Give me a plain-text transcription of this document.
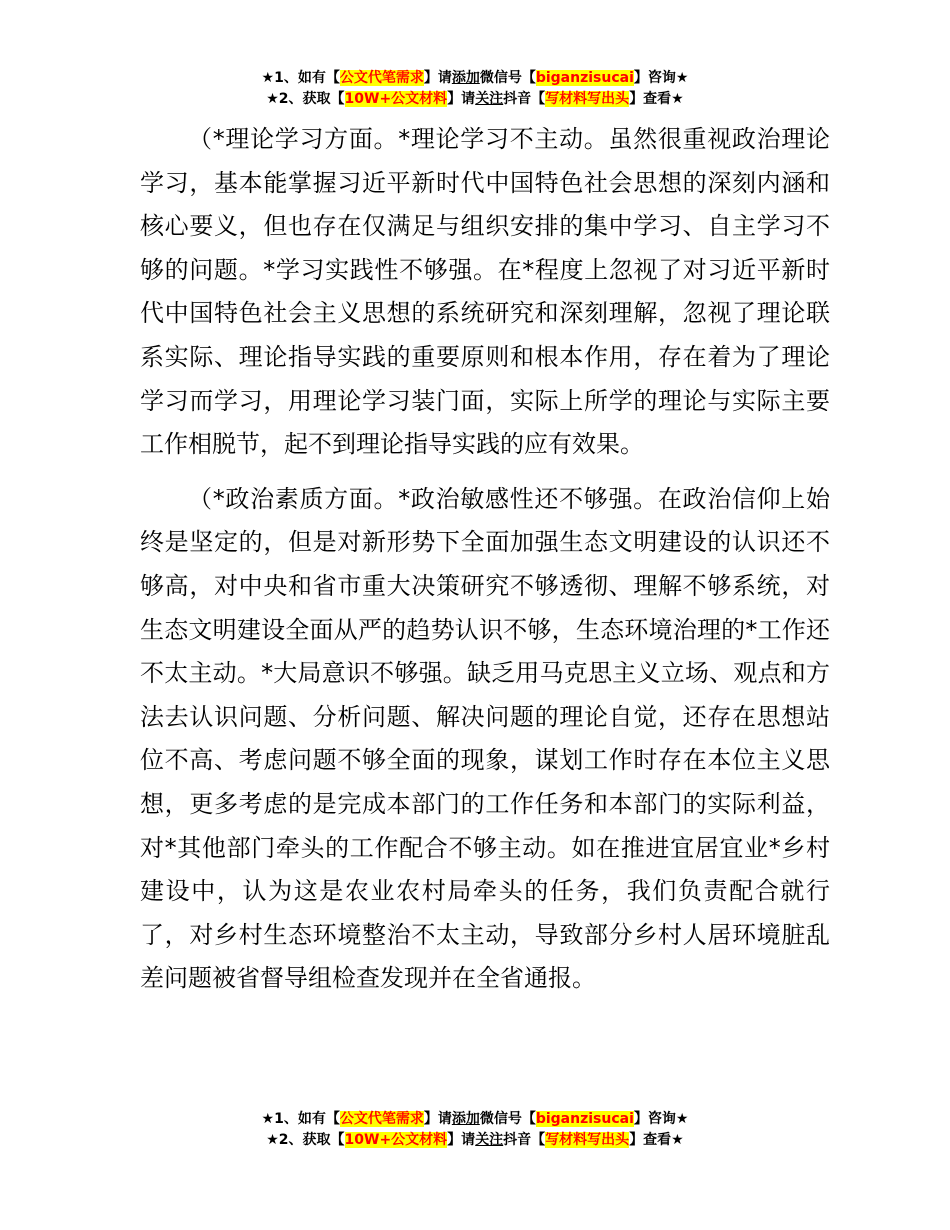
★1、如有【公文代笔需求】请添加微信号【biganzisucai】咨询★
★2、获取【10W+公文材料】请关注抖音【写材料写出头】查看★

（*理论学习方面。*理论学习不主动。虽然很重视政治理论学习，基本能掌握习近平新时代中国特色社会思想的深刻内涵和核心要义，但也存在仅满足与组织安排的集中学习、自主学习不够的问题。*学习实践性不够强。在*程度上忽视了对习近平新时代中国特色社会主义思想的系统研究和深刻理解，忽视了理论联系实际、理论指导实践的重要原则和根本作用，存在着为了理论学习而学习，用理论学习装门面，实际上所学的理论与实际主要工作相脱节，起不到理论指导实践的应有效果。

（*政治素质方面。*政治敏感性还不够强。在政治信仰上始终是坚定的，但是对新形势下全面加强生态文明建设的认识还不够高，对中央和省市重大决策研究不够透彻、理解不够系统，对生态文明建设全面从严的趋势认识不够，生态环境治理的*工作还不太主动。*大局意识不够强。缺乏用马克思主义立场、观点和方法去认识问题、分析问题、解决问题的理论自觉，还存在思想站位不高、考虑问题不够全面的现象，谋划工作时存在本位主义思想，更多考虑的是完成本部门的工作任务和本部门的实际利益，对*其他部门牵头的工作配合不够主动。如在推进宜居宜业*乡村建设中，认为这是农业农村局牵头的任务，我们负责配合就行了，对乡村生态环境整治不太主动，导致部分乡村人居环境脏乱差问题被省督导组检查发现并在全省通报。

★1、如有【公文代笔需求】请添加微信号【biganzisucai】咨询★
★2、获取【10W+公文材料】请关注抖音【写材料写出头】查看★
